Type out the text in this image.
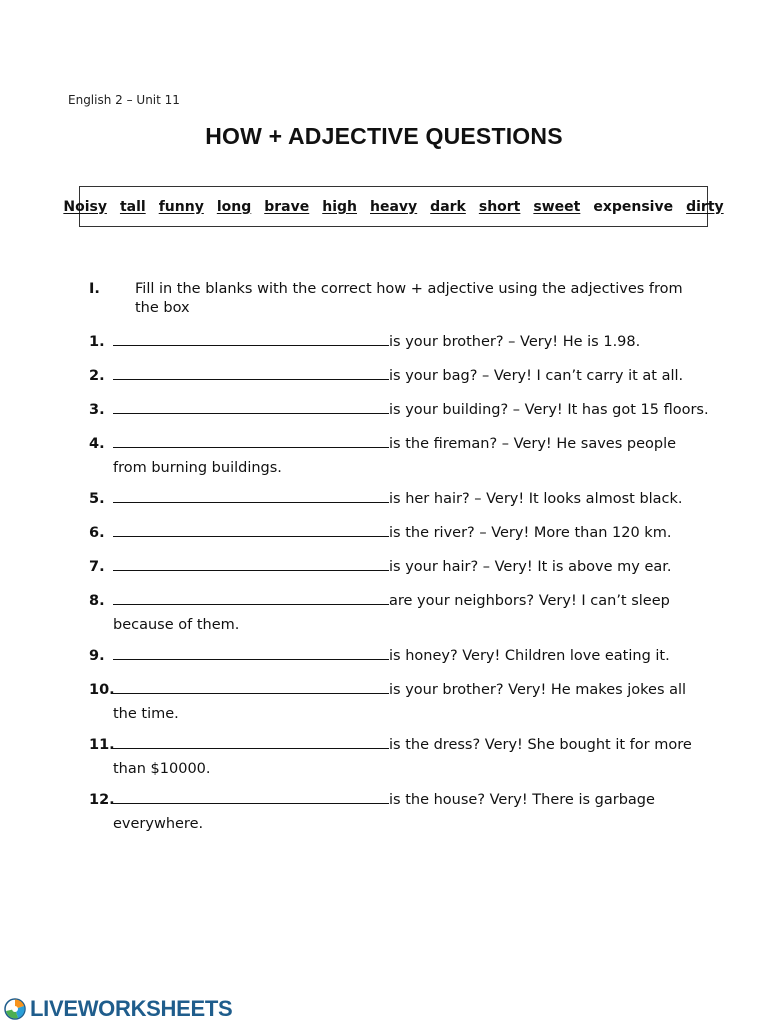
English 2 – Unit 11
HOW + ADJECTIVE QUESTIONS
Noisy tall funny long brave high heavy dark short sweet expensive dirty
I. Fill in the blanks with the correct how + adjective using the adjectives from the box
1.	is your brother? – Very! He is 1.98.
2.	is your bag? – Very! I can’t carry it at all.
3.	is your building? – Very! It has got 15 floors.
4.	is the fireman? – Very! He saves people
from burning buildings.
5.	is her hair? – Very! It looks almost black.
6.	is the river? – Very! More than 120 km.
7.	is your hair? – Very! It is above my ear.
8.	are your neighbors? Very! I can’t sleep
because of them.
9.	is honey? Very! Children love eating it.
10.	is your brother? Very! He makes jokes all
the time.
11.	is the dress? Very! She bought it for more
than $10000.
12.	is the house? Very! There is garbage
everywhere.
LIVEWORKSHEETS
